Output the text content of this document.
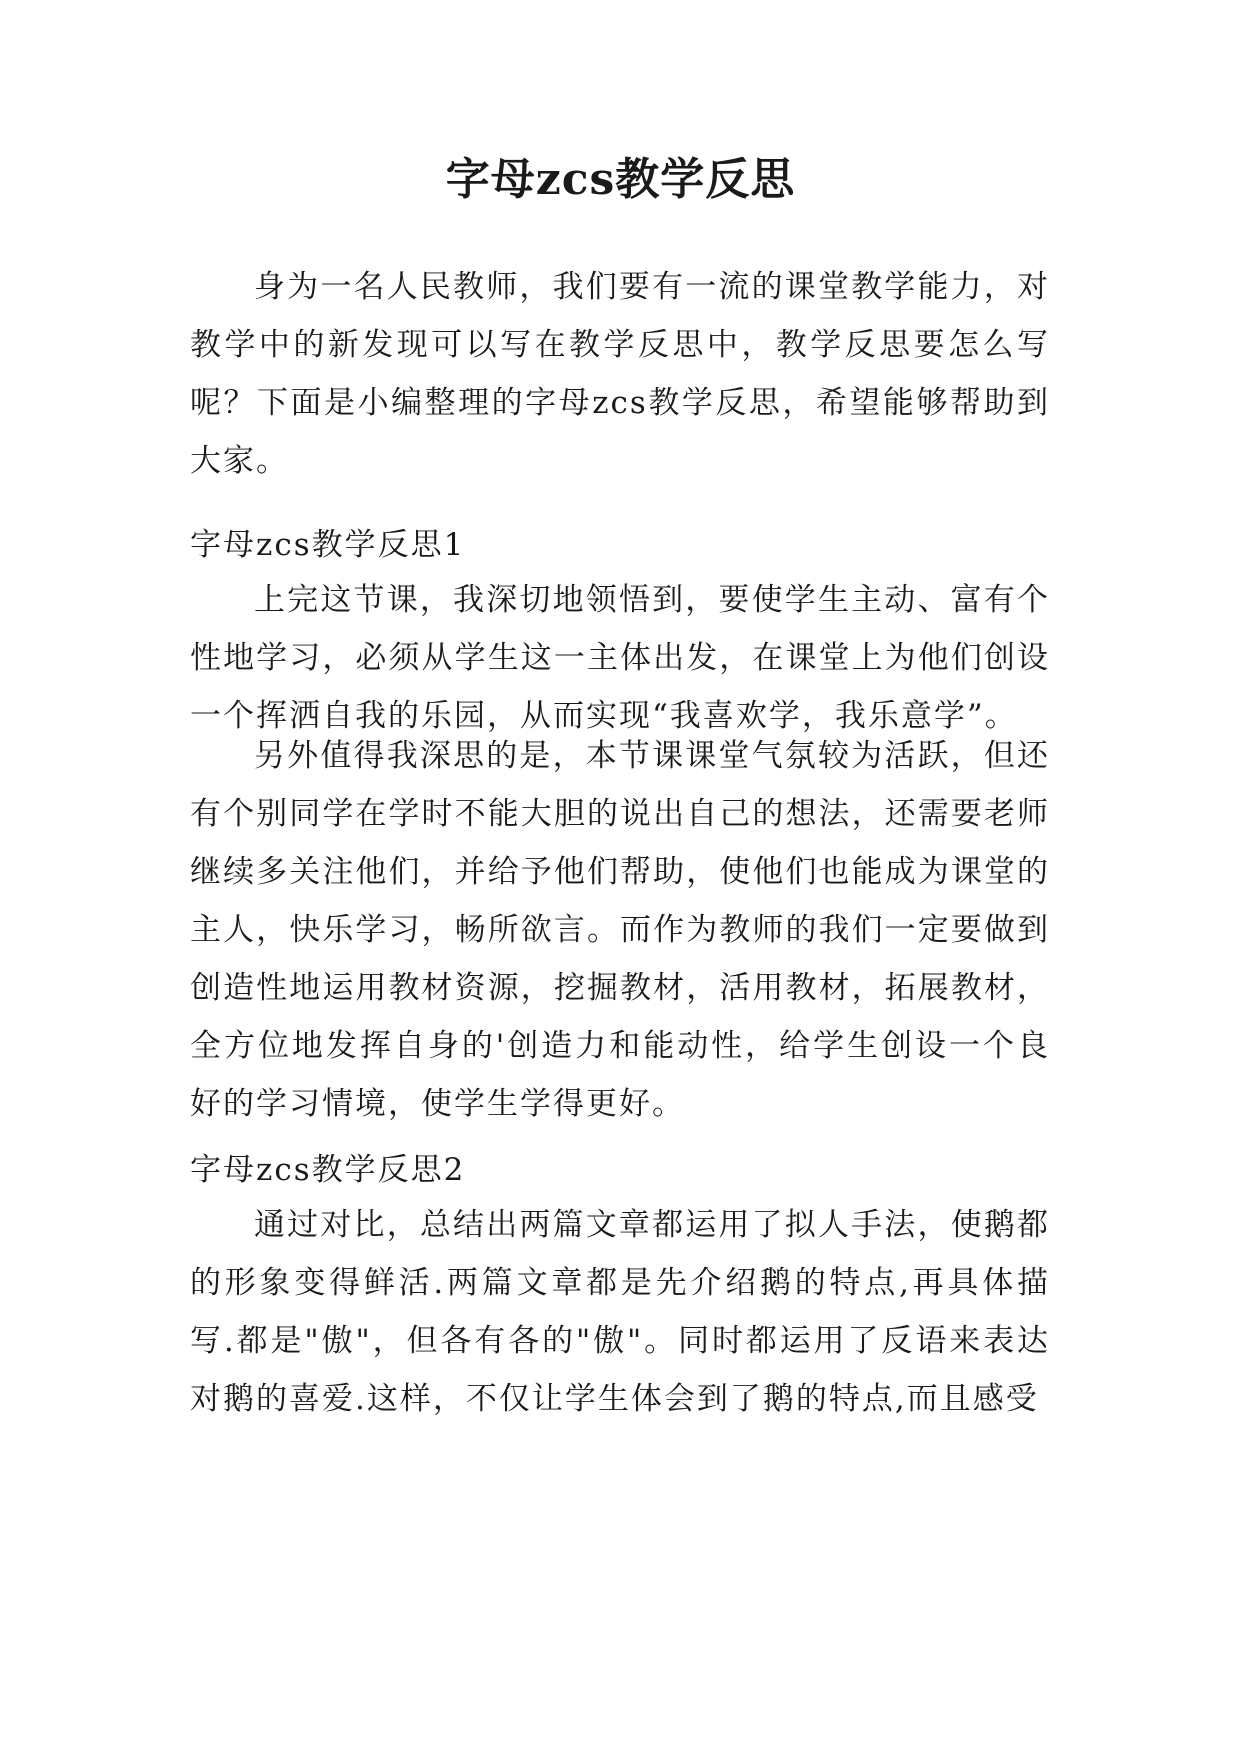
字母zcs教学反思

身为一名人民教师，我们要有一流的课堂教学能力，对教学中的新发现可以写在教学反思中，教学反思要怎么写呢？下面是小编整理的字母zcs教学反思，希望能够帮助到大家。

字母zcs教学反思1

上完这节课，我深切地领悟到，要使学生主动、富有个性地学习，必须从学生这一主体出发，在课堂上为他们创设一个挥洒自我的乐园，从而实现“我喜欢学，我乐意学”。

另外值得我深思的是，本节课课堂气氛较为活跃，但还有个别同学在学时不能大胆的说出自己的想法，还需要老师继续多关注他们，并给予他们帮助，使他们也能成为课堂的主人，快乐学习，畅所欲言。而作为教师的我们一定要做到创造性地运用教材资源，挖掘教材，活用教材，拓展教材，全方位地发挥自身的'创造力和能动性，给学生创设一个良好的学习情境，使学生学得更好。

字母zcs教学反思2

通过对比，总结出两篇文章都运用了拟人手法，使鹅都的形象变得鲜活.两篇文章都是先介绍鹅的特点,再具体描写.都是"傲"，但各有各的"傲"。同时都运用了反语来表达对鹅的喜爱.这样，不仅让学生体会到了鹅的特点,而且感受
